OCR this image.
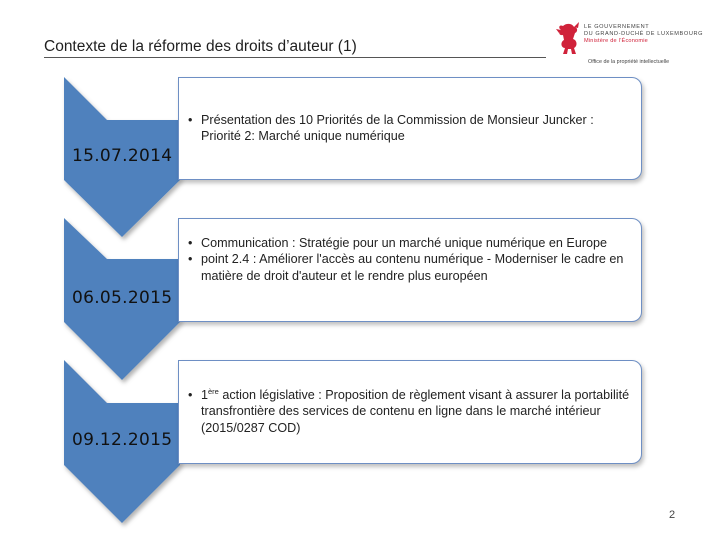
Contexte de la réforme des droits d’auteur (1)
LE GOUVERNEMENT
DU GRAND-DUCHÉ DE LUXEMBOURG
Ministère de l’Économie
Office de la propriété intellectuelle
15.07.2014
06.05.2015
09.12.2015
• Présentation des 10 Priorités de la Commission de Monsieur Juncker : Priorité 2: Marché unique numérique
• Communication : Stratégie pour un marché unique numérique en Europe
• point 2.4 : Améliorer l'accès au contenu numérique - Moderniser le cadre en matière de droit d'auteur et le rendre plus européen
• 1ère action législative : Proposition de règlement visant à assurer la portabilité transfrontière des services de contenu en ligne dans le marché intérieur (2015/0287 COD)
2
